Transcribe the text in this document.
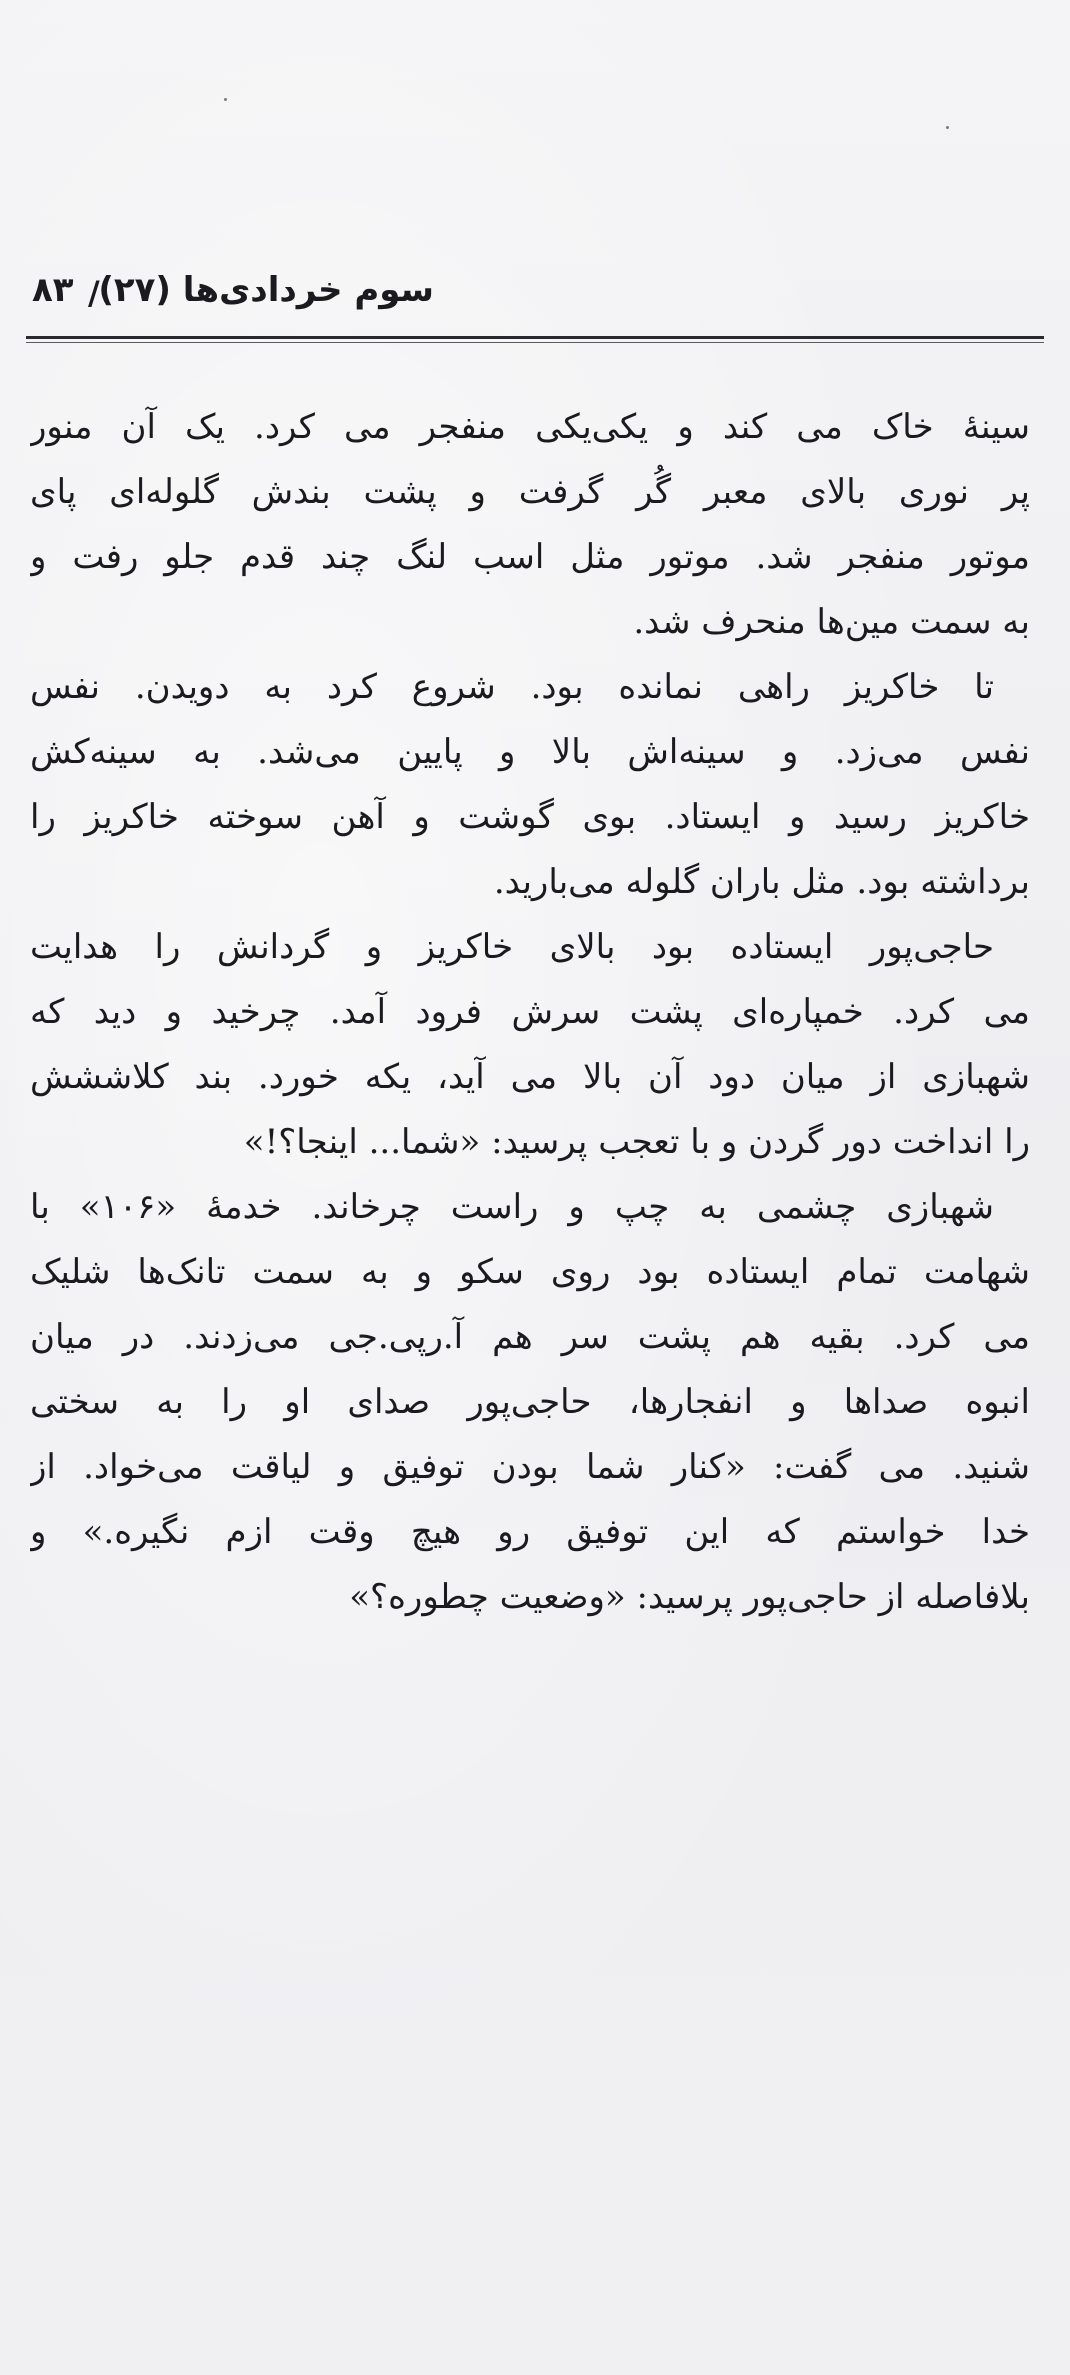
سوم خردادی‌ها (۲۷)
/
۸۳
سینهٔ خاک می کند و یکی‌یکی منفجر می کرد. یک آن منور
پر نوری بالای معبر گُر گرفت و پشت بندش گلوله‌ای پای
موتور منفجر شد. موتور مثل اسب لنگ چند قدم جلو رفت و
به سمت مین‌ها منحرف شد.
تا خاکریز راهی نمانده بود. شروع کرد به دویدن. نفس
نفس می‌زد. و سینه‌اش بالا و پایین می‌شد. به سینه‌کش
خاکریز رسید و ایستاد. بوی گوشت و آهن سوخته خاکریز را
برداشته بود. مثل باران گلوله می‌بارید.
حاجی‌پور ایستاده بود بالای خاکریز و گردانش را هدایت
می کرد. خمپاره‌ای پشت سرش فرود آمد. چرخید و دید که
شهبازی از میان دود آن بالا می آید، یکه خورد. بند کلاششش
را انداخت دور گردن و با تعجب پرسید: «شما... اینجا؟!»
شهبازی چشمی به چپ و راست چرخاند. خدمهٔ «۱۰۶» با
شهامت تمام ایستاده بود روی سکو و به سمت تانک‌ها شلیک
می کرد. بقیه هم پشت سر هم آ.رپی.جی می‌زدند. در میان
انبوه صداها و انفجارها، حاجی‌پور صدای او را به سختی
شنید. می گفت: «کنار شما بودن توفیق و لیاقت می‌خواد. از
خدا خواستم که این توفیق رو هیچ وقت ازم نگیره.» و
بلافاصله از حاجی‌پور پرسید: «وضعیت چطوره؟»
